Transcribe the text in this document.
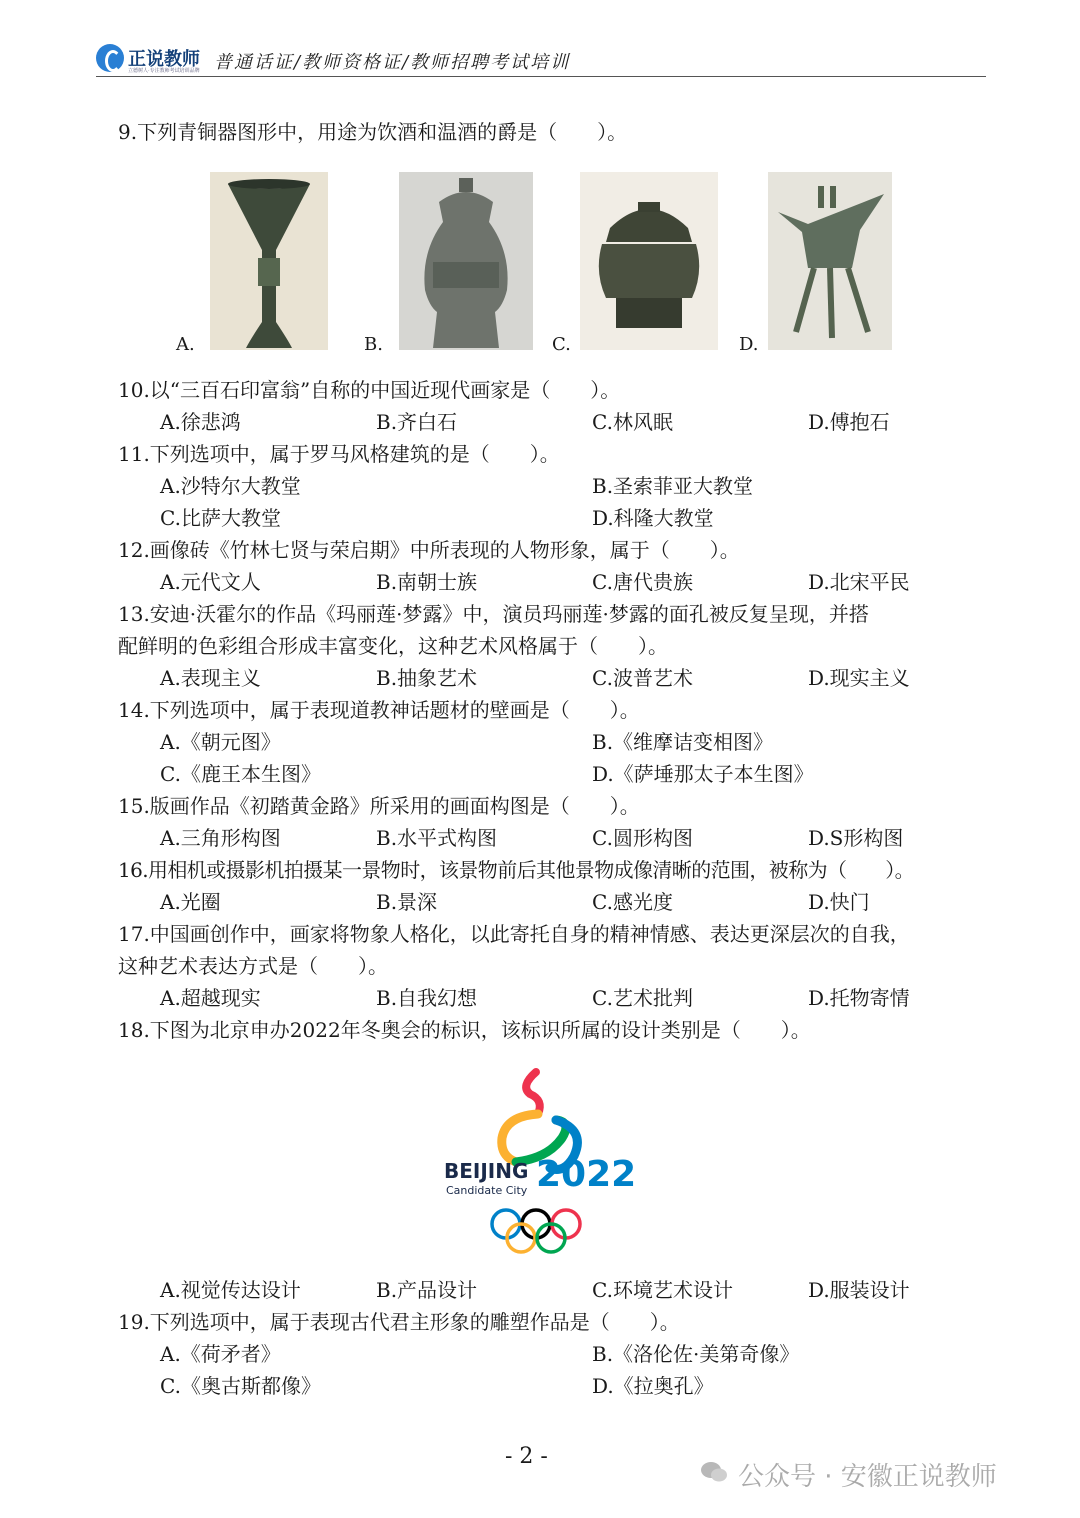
正说教师
立德树人·专注教师考试培训品牌 普通话证/教师资格证/教师招聘考试培训
9.下列青铜器图形中，用途为饮酒和温酒的爵是（　　）。
A.	B.	C.	D.
10.以“三百石印富翁”自称的中国近现代画家是（　　）。
A.徐悲鸿	B.齐白石	C.林风眠	D.傅抱石
11.下列选项中，属于罗马风格建筑的是（　　）。
A.沙特尔大教堂	B.圣索菲亚大教堂
C.比萨大教堂	D.科隆大教堂
12.画像砖《竹林七贤与荣启期》中所表现的人物形象，属于（　　）。
A.元代文人	B.南朝士族	C.唐代贵族	D.北宋平民
13.安迪·沃霍尔的作品《玛丽莲·梦露》中，演员玛丽莲·梦露的面孔被反复呈现，并搭
配鲜明的色彩组合形成丰富变化，这种艺术风格属于（　　）。
A.表现主义	B.抽象艺术	C.波普艺术	D.现实主义
14.下列选项中，属于表现道教神话题材的壁画是（　　）。
A.《朝元图》	B.《维摩诘变相图》
C.《鹿王本生图》	D.《萨埵那太子本生图》
15.版画作品《初踏黄金路》所采用的画面构图是（　　）。
A.三角形构图	B.水平式构图	C.圆形构图	D.S形构图
16.用相机或摄影机拍摄某一景物时，该景物前后其他景物成像清晰的范围，被称为（　　）。
A.光圈	B.景深	C.感光度	D.快门
17.中国画创作中，画家将物象人格化，以此寄托自身的精神情感、表达更深层次的自我，
这种艺术表达方式是（　　）。
A.超越现实	B.自我幻想	C.艺术批判	D.托物寄情
18.下图为北京申办2022年冬奥会的标识，该标识所属的设计类别是（　　）。
BEIJING
Candidate City 2022
A.视觉传达设计	B.产品设计	C.环境艺术设计	D.服装设计
19.下列选项中，属于表现古代君主形象的雕塑作品是（　　）。
A.《荷矛者》	B.《洛伦佐·美第奇像》
C.《奥古斯都像》	D.《拉奥孔》
- 2 -
公众号 · 安徽正说教师
